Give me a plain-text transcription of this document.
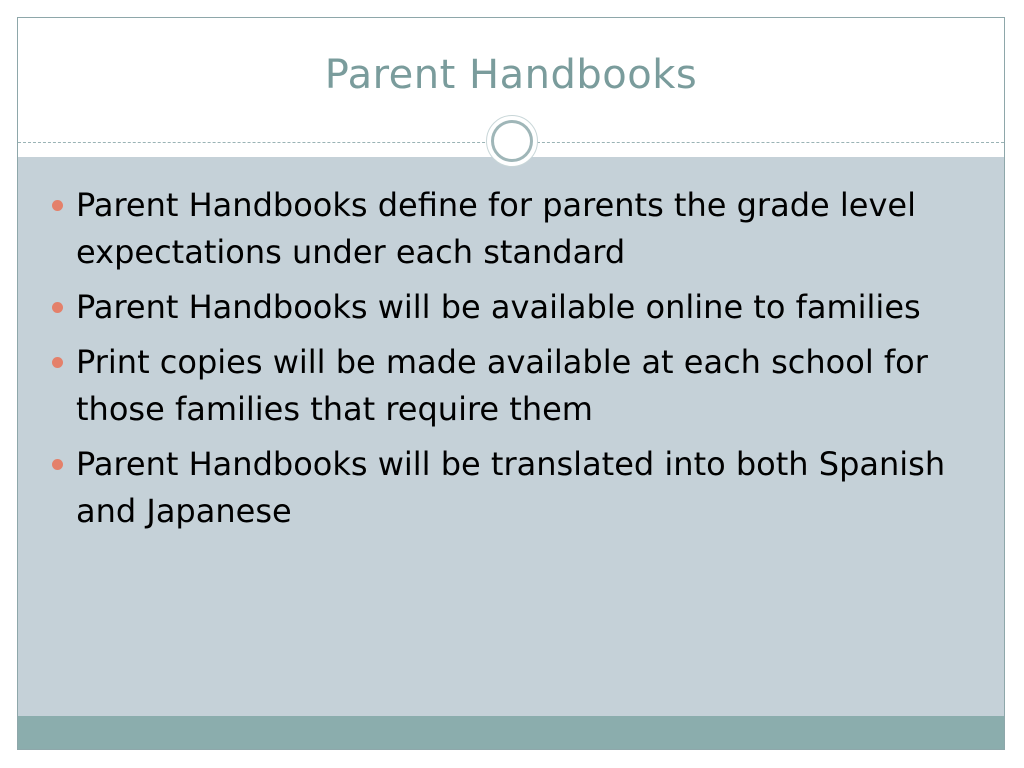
Parent Handbooks
Parent Handbooks define for parents the grade level expectations under each standard
Parent Handbooks will be available online to families
Print copies will be made available at each school for those families that require them
Parent Handbooks will be translated into both Spanish and Japanese
